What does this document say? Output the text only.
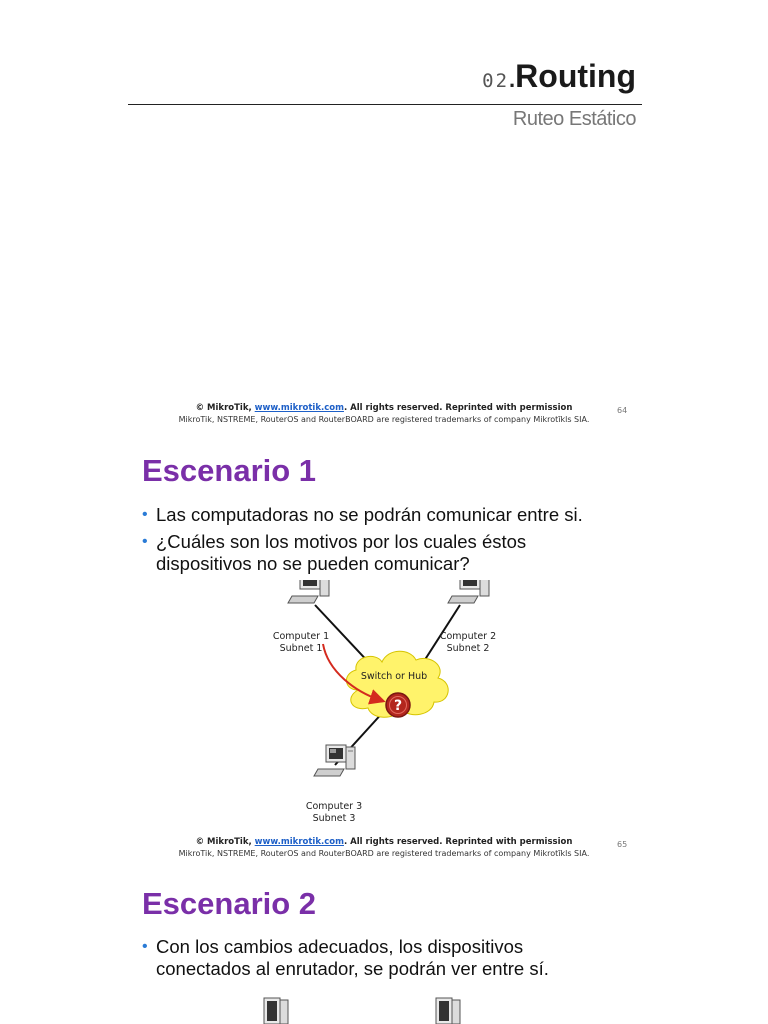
02.Routing
Ruteo Estático
© MikroTik, www.mikrotik.com. All rights reserved. Reprinted with permission
MikroTik, NSTREME, RouterOS and RouterBOARD are registered trademarks of company Mikrotīkls SIA.
64
Escenario 1
• Las computadoras no se podrán comunicar entre si.
• ¿Cuáles son los motivos por los cuales éstos dispositivos no se pueden comunicar?
Switch or Hub
?
Computer 1
Subnet 1
Computer 2
Subnet 2
Computer 3
Subnet 3
© MikroTik, www.mikrotik.com. All rights reserved. Reprinted with permission
MikroTik, NSTREME, RouterOS and RouterBOARD are registered trademarks of company Mikrotīkls SIA.
65
Escenario 2
• Con los cambios adecuados, los dispositivos conectados al enrutador, se podrán ver entre sí.
